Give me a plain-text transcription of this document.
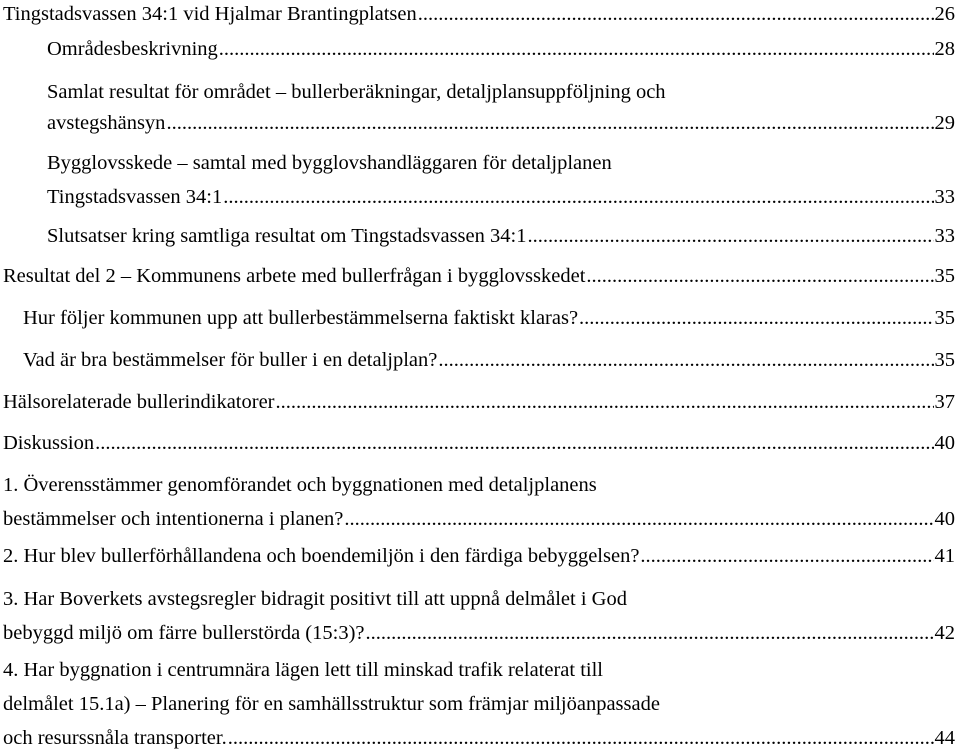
Tingstadsvassen 34:1 vid Hjalmar Brantingplatsen .....	26
Områdesbeskrivning .....	28
Samlat resultat för området – bullerberäkningar, detaljplansuppföljning och
avstegshänsyn .....	29
Bygglovsskede – samtal med bygglovshandläggaren för detaljplanen
Tingstadsvassen 34:1 .....	33
Slutsatser kring samtliga resultat om Tingstadsvassen 34:1 .....	33
Resultat del 2 – Kommunens arbete med bullerfrågan i bygglovsskedet .....	35
Hur följer kommunen upp att bullerbestämmelserna faktiskt klaras? .....	35
Vad är bra bestämmelser för buller i en detaljplan? .....	35
Hälsorelaterade bullerindikatorer .....	37
Diskussion .....	40
1. Överensstämmer genomförandet och byggnationen med detaljplanens
bestämmelser och intentionerna i planen? .....	40
2. Hur blev bullerförhållandena och boendemiljön i den färdiga bebyggelsen? .....	41
3. Har Boverkets avstegsregler bidragit positivt till att uppnå delmålet i God
bebyggd miljö om färre bullerstörda (15:3)? .....	42
4. Har byggnation i centrumnära lägen lett till minskad trafik relaterat till
delmålet 15.1a) – Planering för en samhällsstruktur som främjar miljöanpassade
och resurssnåla transporter. .....	44
